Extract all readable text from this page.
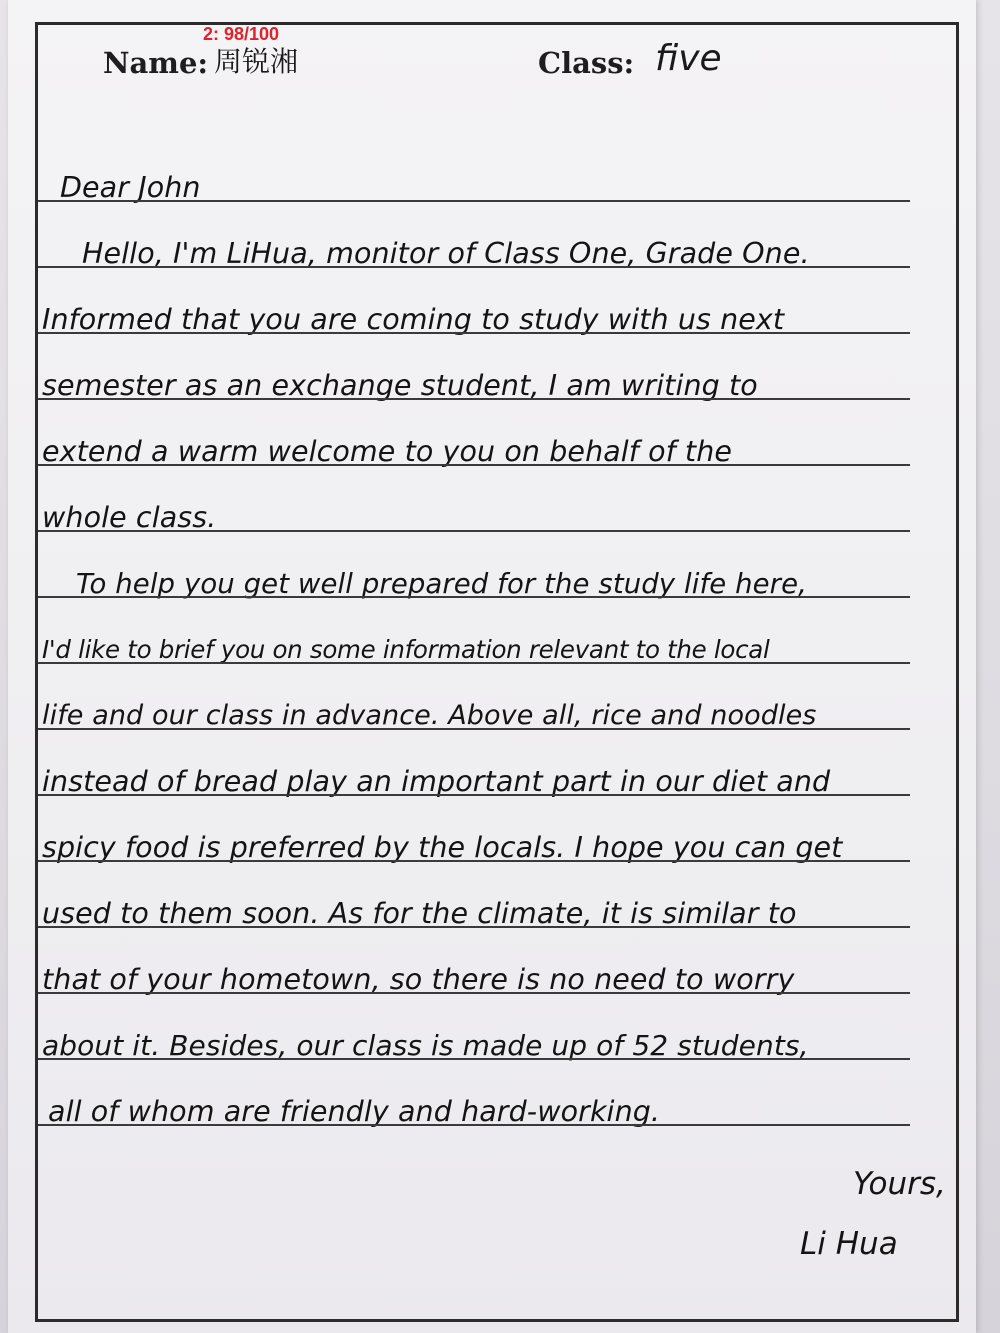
Name:
2: 98/100
周锐湘	Class: five
Dear John
Hello, I'm LiHua, monitor of Class One, Grade One.
Informed that you are coming to study with us next
semester as an exchange student, I am writing to
extend a warm welcome to you on behalf of the
whole class.
To help you get well prepared for the study life here,
I'd like to brief you on some information relevant to the local
life and our class in advance. Above all, rice and noodles
instead of bread play an important part in our diet and
spicy food is preferred by the locals. I hope you can get
used to them soon. As for the climate, it is similar to
that of your hometown, so there is no need to worry
about it. Besides, our class is made up of 52 students,
all of whom are friendly and hard-working.
Yours,
Li Hua
